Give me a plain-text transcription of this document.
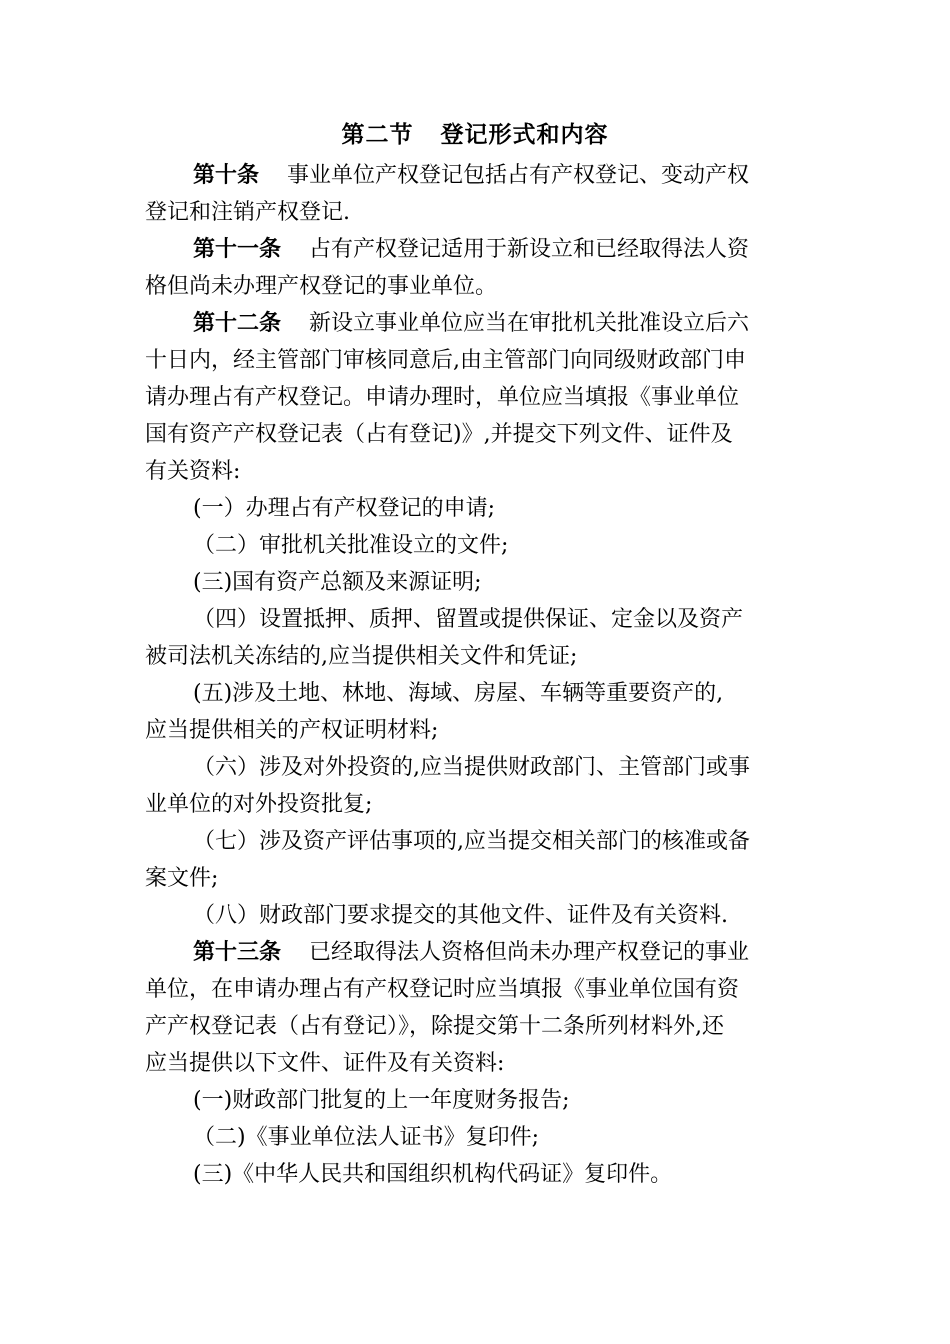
第二节   登记形式和内容
第十条 事业单位产权登记包括占有产权登记、变动产权
登记和注销产权登记.
第十一条 占有产权登记适用于新设立和已经取得法人资
格但尚未办理产权登记的事业单位。
第十二条 新设立事业单位应当在审批机关批准设立后六
十日内，经主管部门审核同意后,由主管部门向同级财政部门申
请办理占有产权登记。申请办理时，单位应当填报《事业单位
国有资产产权登记表（占有登记)》,并提交下列文件、证件及
有关资料:
(一）办理占有产权登记的申请;
（二）审批机关批准设立的文件;
(三)国有资产总额及来源证明;
（四）设置抵押、质押、留置或提供保证、定金以及资产
被司法机关冻结的,应当提供相关文件和凭证;
(五)涉及土地、林地、海域、房屋、车辆等重要资产的,
应当提供相关的产权证明材料;
（六）涉及对外投资的,应当提供财政部门、主管部门或事
业单位的对外投资批复;
（七）涉及资产评估事项的,应当提交相关部门的核准或备
案文件;
（八）财政部门要求提交的其他文件、证件及有关资料.
第十三条 已经取得法人资格但尚未办理产权登记的事业
单位，在申请办理占有产权登记时应当填报《事业单位国有资
产产权登记表（占有登记）》，除提交第十二条所列材料外,还
应当提供以下文件、证件及有关资料:
(一)财政部门批复的上一年度财务报告;
（二)《事业单位法人证书》复印件;
(三)《中华人民共和国组织机构代码证》复印件。
